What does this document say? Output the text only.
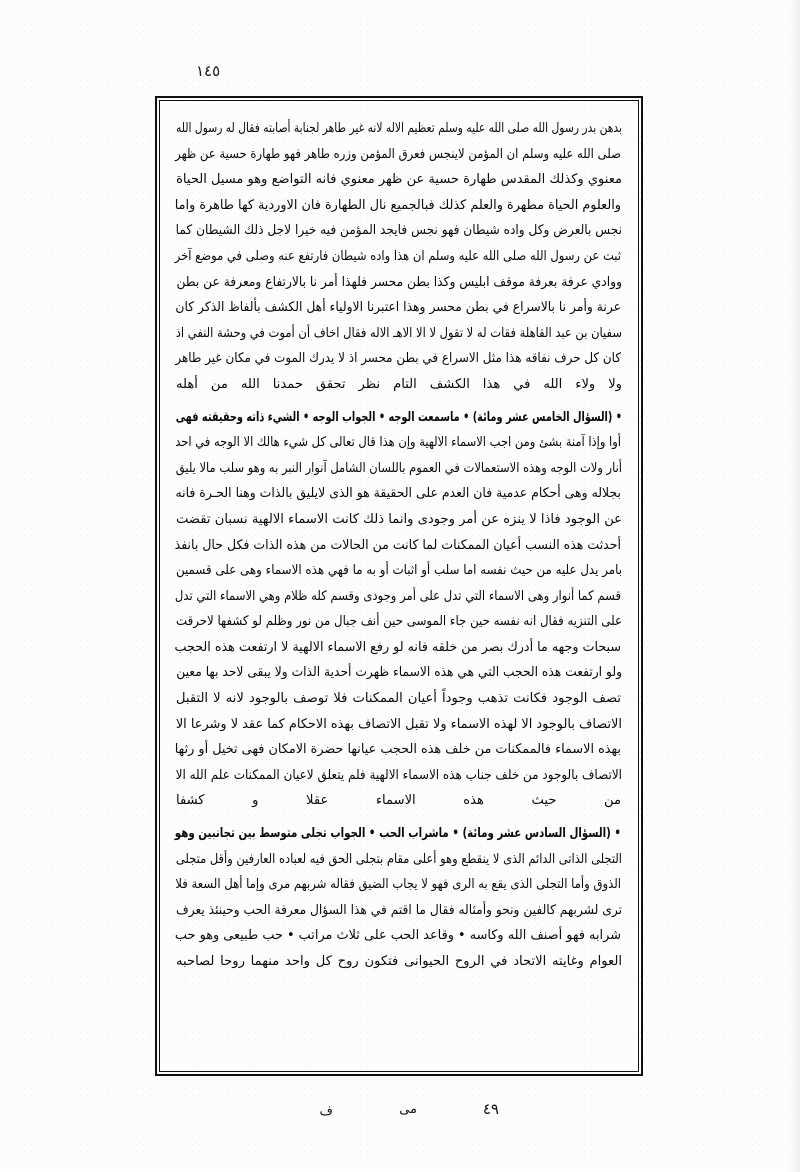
١٤٥
بدهن بدر رسول الله صلى الله عليه وسلم تعظيم الاله لانه غير طاهر لجنابة أصابته فقال له رسول الله
صلى الله عليه وسلم ان المؤمن لاينجس فعرق المؤمن وزره طاهر فهو طهارة حسية عن ظهر
معنوي وكذلك المقدس طهارة حسية عن ظهر معنوي فانه التواضع وهو مسيل الحياة
والعلوم الحياة مطهرة والعلم كذلك فبالجميع نال الطهارة فان الاوردية كها طاهرة واما
نجس بالعرض وكل واده شيطان فهو نجس فايجد المؤمن فيه خيرا لاجل ذلك الشيطان كما
ثبت عن رسول الله صلى الله عليه وسلم ان هذا واده شيطان فارتفع عنه وصلى في موضع آخر
ووادي عرفة بعرفة موقف ابليس وكذا بطن محسر فلهذا أمر نا بالارتفاع ومعرفة عن بطن
عرنة وأمر نا بالاسراع في بطن محسر وهذا اعتبرنا الاولياء أهل الكشف بألفاظ الذكر كان
سفيان بن عبد القاهلة فقات له لا تقول لا الا الاهـ الاله فقال اخاف أن أموت في وحشة النفي اذ
كان كل حرف نفاقه هذا مثل الاسراع في بطن محسر اذ لا يدرك الموت في مكان غير طاهر
ولا ولاء الله في هذا الكشف التام نظر تحقق حمدنا الله من أهله
• (السؤال الخامس عشر ومائة) • ماسمعت الوجه • الجواب الوجه • الشيء ذاته وحقيقته فهى
أوا وإذا آمنة بشئ ومن اجب الاسماء الالهية وإن هذا قال تعالى كل شيء هالك الا الوجه في احد
أنار ولات الوجه وهذه الاستعمالات في العموم باللسان الشامل آنوار النبر به وهو سلب مالا يليق
بجلاله وهى أحكام عدمية فان العدم على الحقيقة هو الذى لايليق بالذات وهنا الحـرة فانه
عن الوجود فاذا لا ينزه عن أمر وجودى وانما ذلك كانت الاسماء الالهية نسبان تقضت
أحدثت هذه النسب أعيان الممكنات لما كانت من الحالات من هذه الذات فكل حال بانفذ
بامر يدل عليه من حيث نفسه اما سلب أو اثبات أو به ما فهي هذه الاسماء وهى على قسمين
قسم كما أنوار وهى الاسماء التي تدل على أمر وجودى وقسم كله ظلام وهي الاسماء التي تدل
على التنزيه فقال انه نفسه حين جاء الموسى حين أنف جبال من نور وظلم لو كشفها لاحرقت
سبحات وجهه ما أدرك بصر من خلقه فانه لو رفع الاسماء الالهية لا ارتفعت هذه الحجب
ولو ارتفعت هذه الحجب التي هي هذه الاسماء ظهرت أحدية الذات ولا يبقى لاحد بها معين
تصف الوجود فكانت تذهب وجوداً أعيان الممكنات فلا توصف بالوجود لانه لا التقبل
الاتصاف بالوجود الا لهذه الاسماء ولا تقبل الاتصاف بهذه الاحكام كما عقد لا وشرعا الا
بهذه الاسماء فالممكنات من خلف هذه الحجب عيانها حضرة الامكان فهى تخيل أو رثها
الاتصاف بالوجود من خلف جناب هذه الاسماء الالهية فلم يتعلق لاعيان الممكنات علم الله الا
من حيث هذه الاسماء عقلا و كشفا
• (السؤال السادس عشر ومائة) • ماشراب الحب • الجواب تجلى متوسط بين تجانبين وهو
التجلى الذاتى الدائم الذى لا ينقطع وهو أعلى مقام بتجلى الحق فيه لعباده العارفين وأقل متجلى
الذوق وأما التجلى الذى يقع به الرى فهو لا يجاب الضيق فقاله شربهم مرى وإما أهل السعة فلا
ترى لشربهم كالفين ونحو وأمثاله فقال ما اقتم في هذا السؤال معرفة الحب وحينئذ يعرف
شرابه فهو أصنف الله وكاسه • وقاعد الحب على ثلاث مراتب • حب طبيعى وهو حب
العوام وغايته الاتحاد في الروح الحيوانى فتكون روح كل واحد منهما روحا لصاحبه
٤٩
مى
ف
